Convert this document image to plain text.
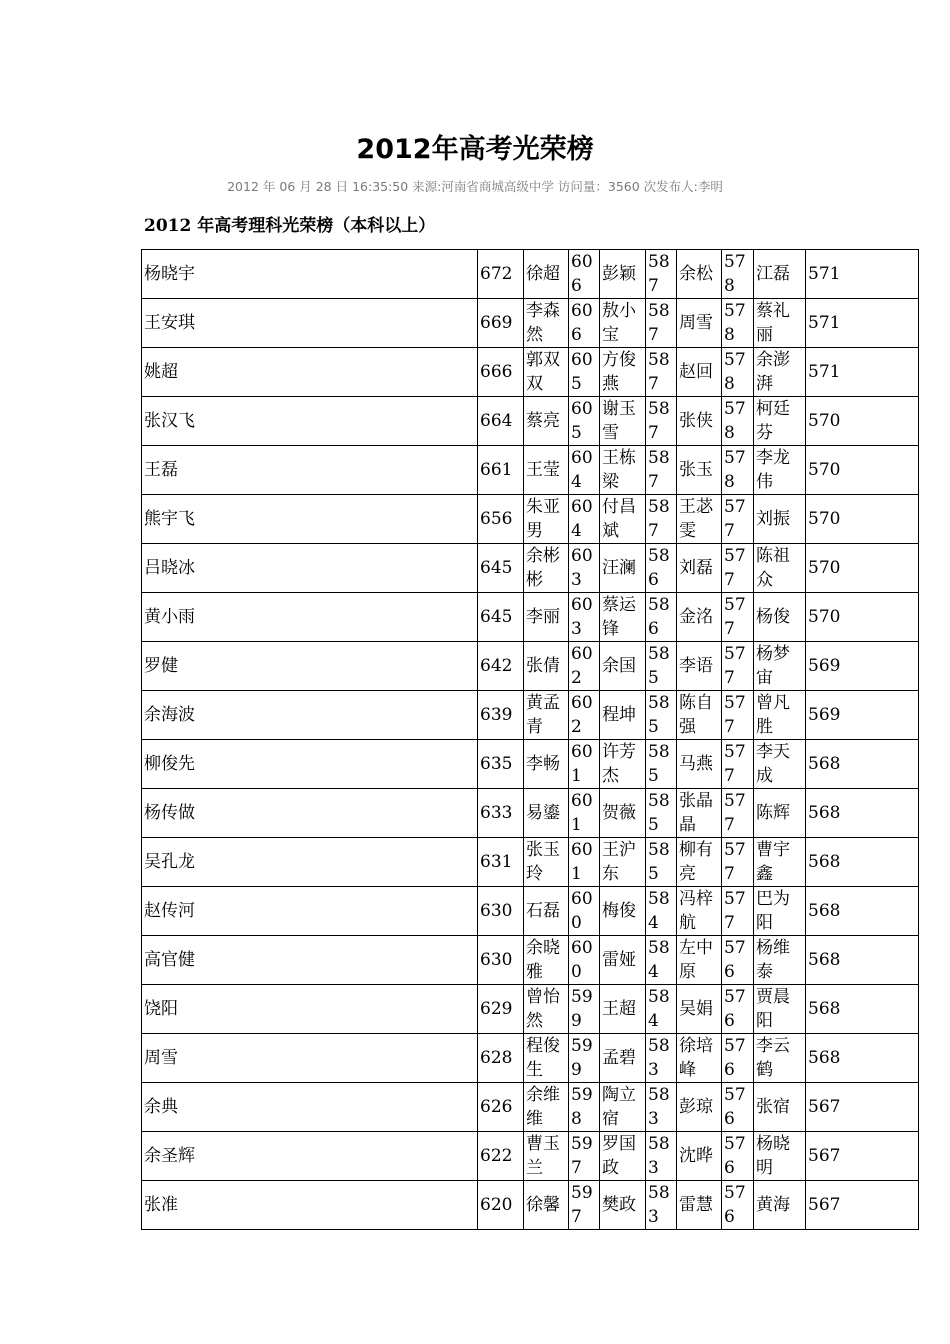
2012年高考光荣榜
2012 年 06 月 28 日 16:35:50 来源:河南省商城高级中学 访问量：3560 次发布人:李明
2012 年高考理科光荣榜（本科以上）
杨晓宇	672	徐超	606	彭颖	587	余松	578	江磊	571
王安琪	669	李森然	606	敖小宝	587	周雪	578	蔡礼丽	571
姚超	666	郭双双	605	方俊燕	587	赵回	578	余澎湃	571
张汉飞	664	蔡亮	605	谢玉雪	587	张侠	578	柯廷芬	570
王磊	661	王莹	604	王栋梁	587	张玉	578	李龙伟	570
熊宇飞	656	朱亚男	604	付昌斌	587	王苾雯	577	刘振	570
吕晓冰	645	余彬彬	603	汪澜	586	刘磊	577	陈祖众	570
黄小雨	645	李丽	603	蔡运锋	586	金洺	577	杨俊	570
罗健	642	张倩	602	余国	585	李语	577	杨梦宙	569
余海波	639	黄孟青	602	程坤	585	陈自强	577	曾凡胜	569
柳俊先	635	李畅	601	许芳杰	585	马燕	577	李天成	568
杨传做	633	易鎏	601	贺薇	585	张晶晶	577	陈辉	568
吴孔龙	631	张玉玲	601	王沪东	585	柳有亮	577	曹宇鑫	568
赵传河	630	石磊	600	梅俊	584	冯梓航	577	巴为阳	568
高官健	630	余晓雅	600	雷娅	584	左中原	576	杨维泰	568
饶阳	629	曾怡然	599	王超	584	吴娟	576	贾晨阳	568
周雪	628	程俊生	599	孟碧	583	徐培峰	576	李云鹤	568
余典	626	余维维	598	陶立宿	583	彭琼	576	张宿	567
余圣辉	622	曹玉兰	597	罗国政	583	沈晔	576	杨晓明	567
张准	620	徐馨	597	樊政	583	雷慧	576	黄海	567
